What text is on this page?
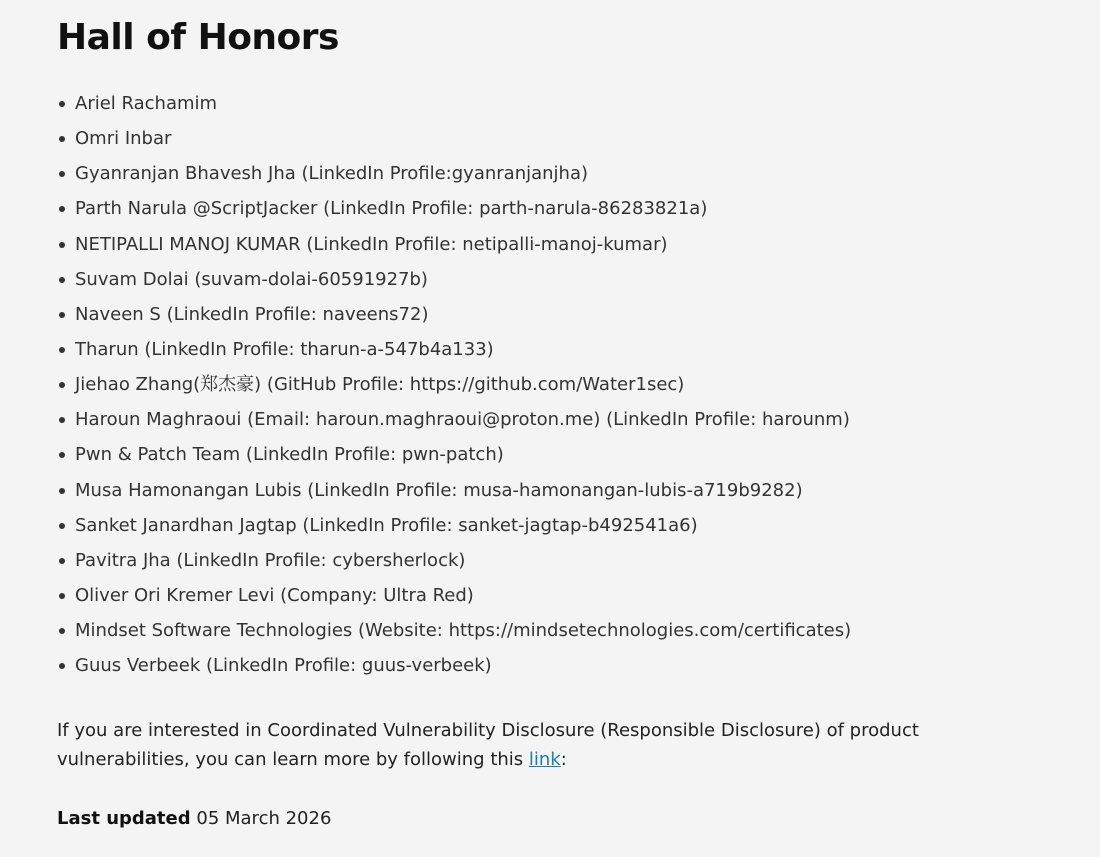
Hall of Honors
Ariel Rachamim
Omri Inbar
Gyanranjan Bhavesh Jha (LinkedIn Profile:gyanranjanjha)
Parth Narula @ScriptJacker (LinkedIn Profile: parth-narula-86283821a)
NETIPALLI MANOJ KUMAR (LinkedIn Profile: netipalli-manoj-kumar)
Suvam Dolai (suvam-dolai-60591927b)
Naveen S (LinkedIn Profile: naveens72)
Tharun (LinkedIn Profile: tharun-a-547b4a133)
Jiehao Zhang(郑杰豪) (GitHub Profile: https://github.com/Water1sec)
Haroun Maghraoui (Email: haroun.maghraoui@proton.me) (LinkedIn Profile: harounm)
Pwn & Patch Team (LinkedIn Profile: pwn-patch)
Musa Hamonangan Lubis (LinkedIn Profile: musa-hamonangan-lubis-a719b9282)
Sanket Janardhan Jagtap (LinkedIn Profile: sanket-jagtap-b492541a6)
Pavitra Jha (LinkedIn Profile: cybersherlock)
Oliver Ori Kremer Levi (Company: Ultra Red)
Mindset Software Technologies (Website: https://mindsetechnologies.com/certificates)
Guus Verbeek (LinkedIn Profile: guus-verbeek)

If you are interested in Coordinated Vulnerability Disclosure (Responsible Disclosure) of product vulnerabilities, you can learn more by following this link:

Last updated 05 March 2026
